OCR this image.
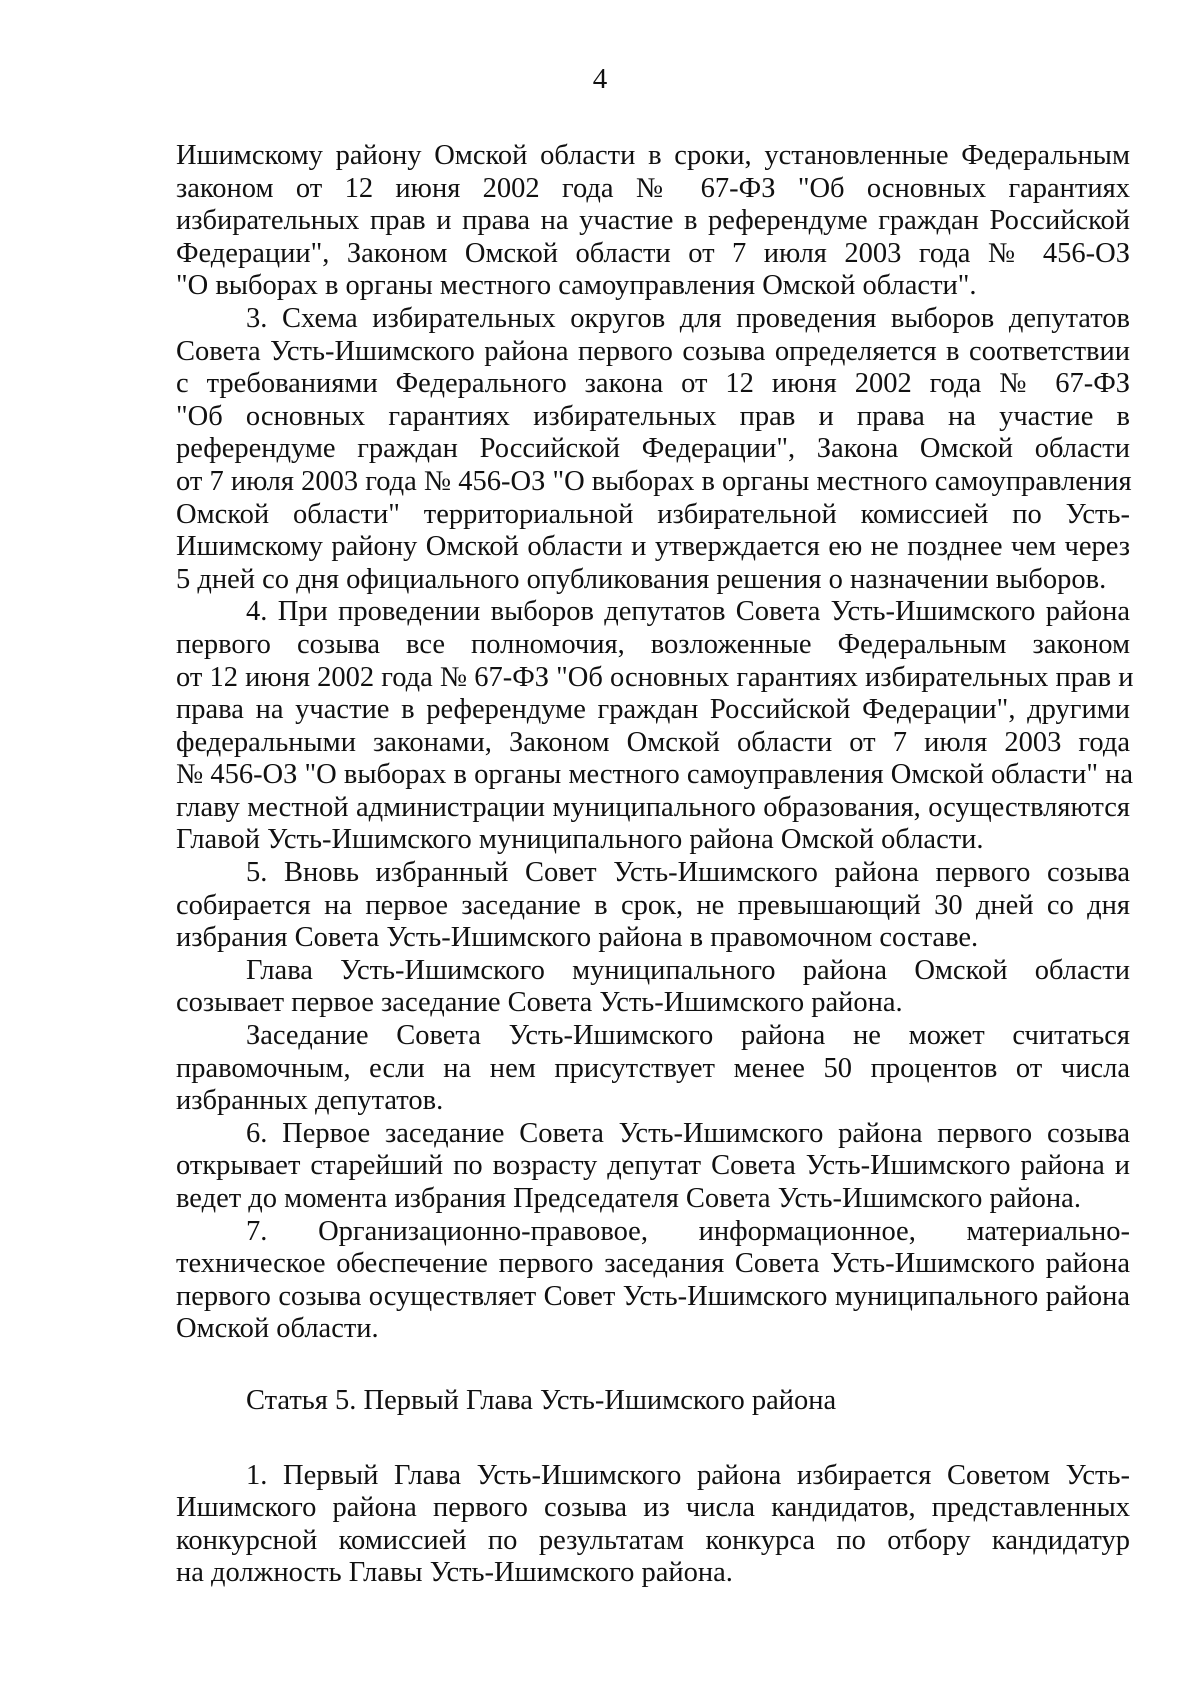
4
Ишимскому району Омской области в сроки, установленные Федеральным
законом от 12 июня 2002 года № 67-ФЗ "Об основных гарантиях
избирательных прав и права на участие в референдуме граждан Российской
Федерации", Законом Омской области от 7 июля 2003 года № 456-ОЗ
"О выборах в органы местного самоуправления Омской области".
3. Схема избирательных округов для проведения выборов депутатов
Совета Усть-Ишимского района первого созыва определяется в соответствии
с требованиями Федерального закона от 12 июня 2002 года № 67-ФЗ
"Об основных гарантиях избирательных прав и права на участие в
референдуме граждан Российской Федерации", Закона Омской области
от 7 июля 2003 года № 456-ОЗ "О выборах в органы местного самоуправления
Омской области" территориальной избирательной комиссией по Усть-
Ишимскому району Омской области и утверждается ею не позднее чем через
5 дней со дня официального опубликования решения о назначении выборов.
4. При проведении выборов депутатов Совета Усть-Ишимского района
первого созыва все полномочия, возложенные Федеральным законом
от 12 июня 2002 года № 67-ФЗ "Об основных гарантиях избирательных прав и
права на участие в референдуме граждан Российской Федерации", другими
федеральными законами, Законом Омской области от 7 июля 2003 года
№ 456-ОЗ "О выборах в органы местного самоуправления Омской области" на
главу местной администрации муниципального образования, осуществляются
Главой Усть-Ишимского муниципального района Омской области.
5. Вновь избранный Совет Усть-Ишимского района первого созыва
собирается на первое заседание в срок, не превышающий 30 дней со дня
избрания Совета Усть-Ишимского района в правомочном составе.
Глава Усть-Ишимского муниципального района Омской области
созывает первое заседание Совета Усть-Ишимского района.
Заседание Совета Усть-Ишимского района не может считаться
правомочным, если на нем присутствует менее 50 процентов от числа
избранных депутатов.
6. Первое заседание Совета Усть-Ишимского района первого созыва
открывает старейший по возрасту депутат Совета Усть-Ишимского района и
ведет до момента избрания Председателя Совета Усть-Ишимского района.
7. Организационно-правовое, информационное, материально-
техническое обеспечение первого заседания Совета Усть-Ишимского района
первого созыва осуществляет Совет Усть-Ишимского муниципального района
Омской области.
Статья 5. Первый Глава Усть-Ишимского района
1. Первый Глава Усть-Ишимского района избирается Советом Усть-
Ишимского района первого созыва из числа кандидатов, представленных
конкурсной комиссией по результатам конкурса по отбору кандидатур
на должность Главы Усть-Ишимского района.
